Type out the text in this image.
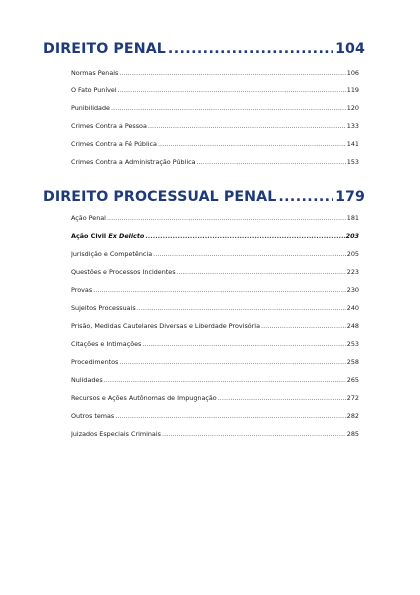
DIREITO PENAL .....	104
Normas Penais .....	106
O Fato Punível .....	119
Punibilidade .....	120
Crimes Contra a Pessoa .....	133
Crimes Contra a Fé Pública .....	141
Crimes Contra a Administração Pública .....	153
DIREITO PROCESSUAL PENAL .....	179
Ação Penal .....	181
Ação Civil Ex Delicto .....	203
Jurisdição e Competência .....	205
Questões e Processos Incidentes .....	223
Provas .....	230
Sujeitos Processuais .....	240
Prisão, Medidas Cautelares Diversas e Liberdade Provisória .....	248
Citações e Intimações .....	253
Procedimentos .....	258
Nulidades .....	265
Recursos e Ações Autônomas de Impugnação .....	272
Outros temas .....	282
Juizados Especiais Criminais .....	285
